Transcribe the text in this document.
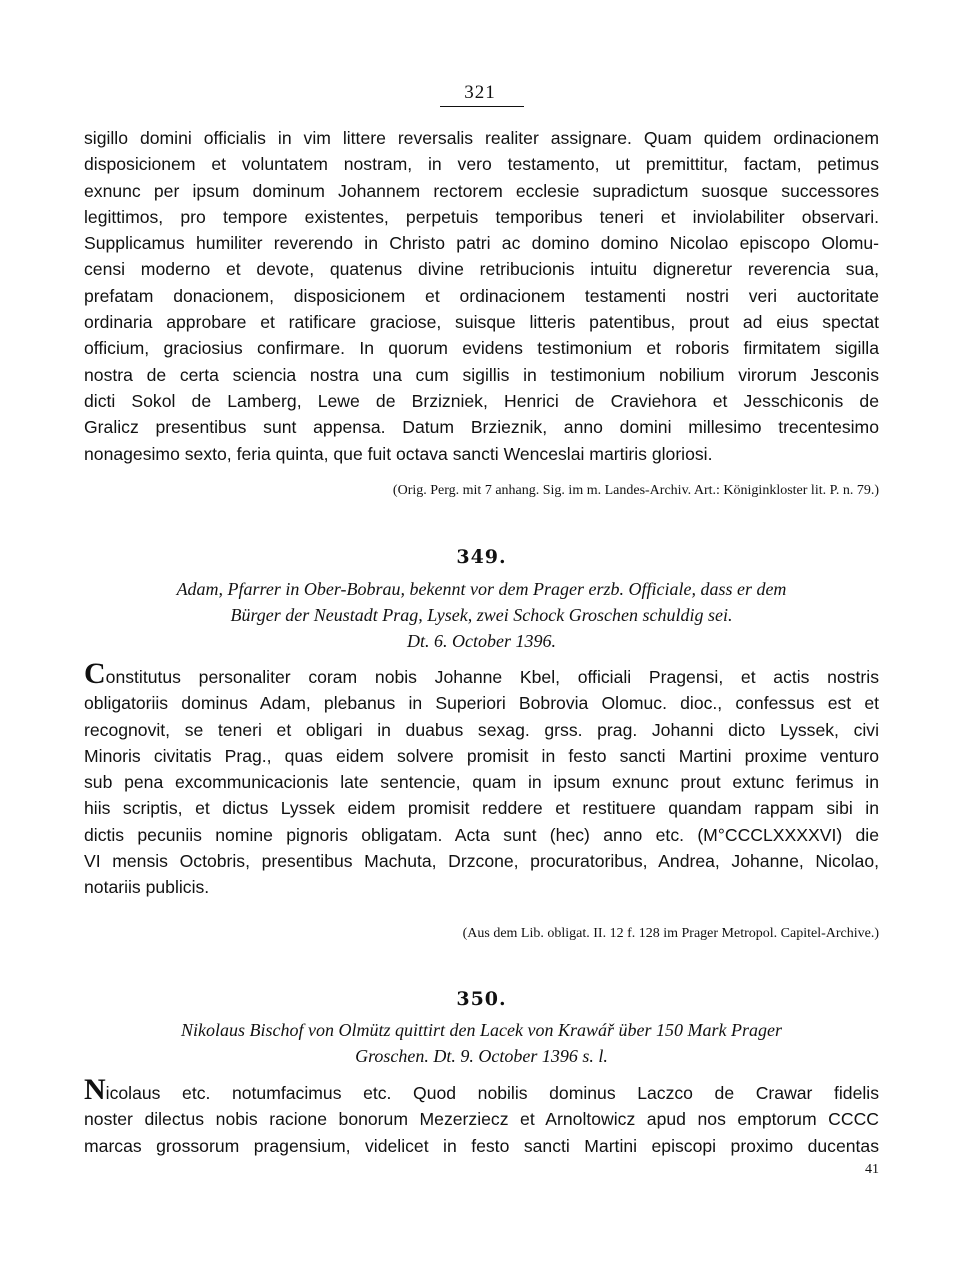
321
sigillo domini officialis in vim littere reversalis realiter assignare. Quam quidem ordinacionem
disposicionem et voluntatem nostram, in vero testamento, ut premittitur, factam, petimus
exnunc per ipsum dominum Johannem rectorem ecclesie supradictum suosque successores
legittimos, pro tempore existentes, perpetuis temporibus teneri et inviolabiliter observari.
Supplicamus humiliter reverendo in Christo patri ac domino domino Nicolao episcopo Olomu-
censi moderno et devote, quatenus divine retribucionis intuitu digneretur reverencia sua,
prefatam donacionem, disposicionem et ordinacionem testamenti nostri veri auctoritate
ordinaria approbare et ratificare graciose, suisque litteris patentibus, prout ad eius spectat
officium, graciosius confirmare. In quorum evidens testimonium et roboris firmitatem sigilla
nostra de certa sciencia nostra una cum sigillis in testimonium nobilium virorum Jesconis
dicti Sokol de Lamberg, Lewe de Brzizniek, Henrici de Craviehora et Jesschiconis de
Gralicz presentibus sunt appensa. Datum Brzieznik, anno domini millesimo trecentesimo
nonagesimo sexto, feria quinta, que fuit octava sancti Wenceslai martiris gloriosi.
(Orig. Perg. mit 7 anhang. Sig. im m. Landes-Archiv. Art.: Königinkloster lit. P. n. 79.)
349.
Adam, Pfarrer in Ober-Bobrau, bekennt vor dem Prager erzb. Officiale, dass er dem
Bürger der Neustadt Prag, Lysek, zwei Schock Groschen schuldig sei.
Dt. 6. October 1396.
Constitutus personaliter coram nobis Johanne Kbel, officiali Pragensi, et actis nostris
obligatoriis dominus Adam, plebanus in Superiori Bobrovia Olomuc. dioc., confessus est et
recognovit, se teneri et obligari in duabus sexag. grss. prag. Johanni dicto Lyssek, civi
Minoris civitatis Prag., quas eidem solvere promisit in festo sancti Martini proxime venturo
sub pena excommunicacionis late sentencie, quam in ipsum exnunc prout extunc ferimus in
hiis scriptis, et dictus Lyssek eidem promisit reddere et restituere quandam rappam sibi in
dictis pecuniis nomine pignoris obligatam. Acta sunt (hec) anno etc. (M°CCCLXXXXVI) die
VI mensis Octobris, presentibus Machuta, Drzcone, procuratoribus, Andrea, Johanne, Nicolao,
notariis publicis.
(Aus dem Lib. obligat. II. 12 f. 128 im Prager Metropol. Capitel-Archive.)
350.
Nikolaus Bischof von Olmütz quittirt den Lacek von Krawář über 150 Mark Prager
Groschen. Dt. 9. October 1396 s. l.
Nicolaus etc. notumfacimus etc. Quod nobilis dominus Laczco de Crawar fidelis
noster dilectus nobis racione bonorum Mezerziecz et Arnoltowicz apud nos emptorum CCCC
marcas grossorum pragensium, videlicet in festo sancti Martini episcopi proximo ducentas
41
